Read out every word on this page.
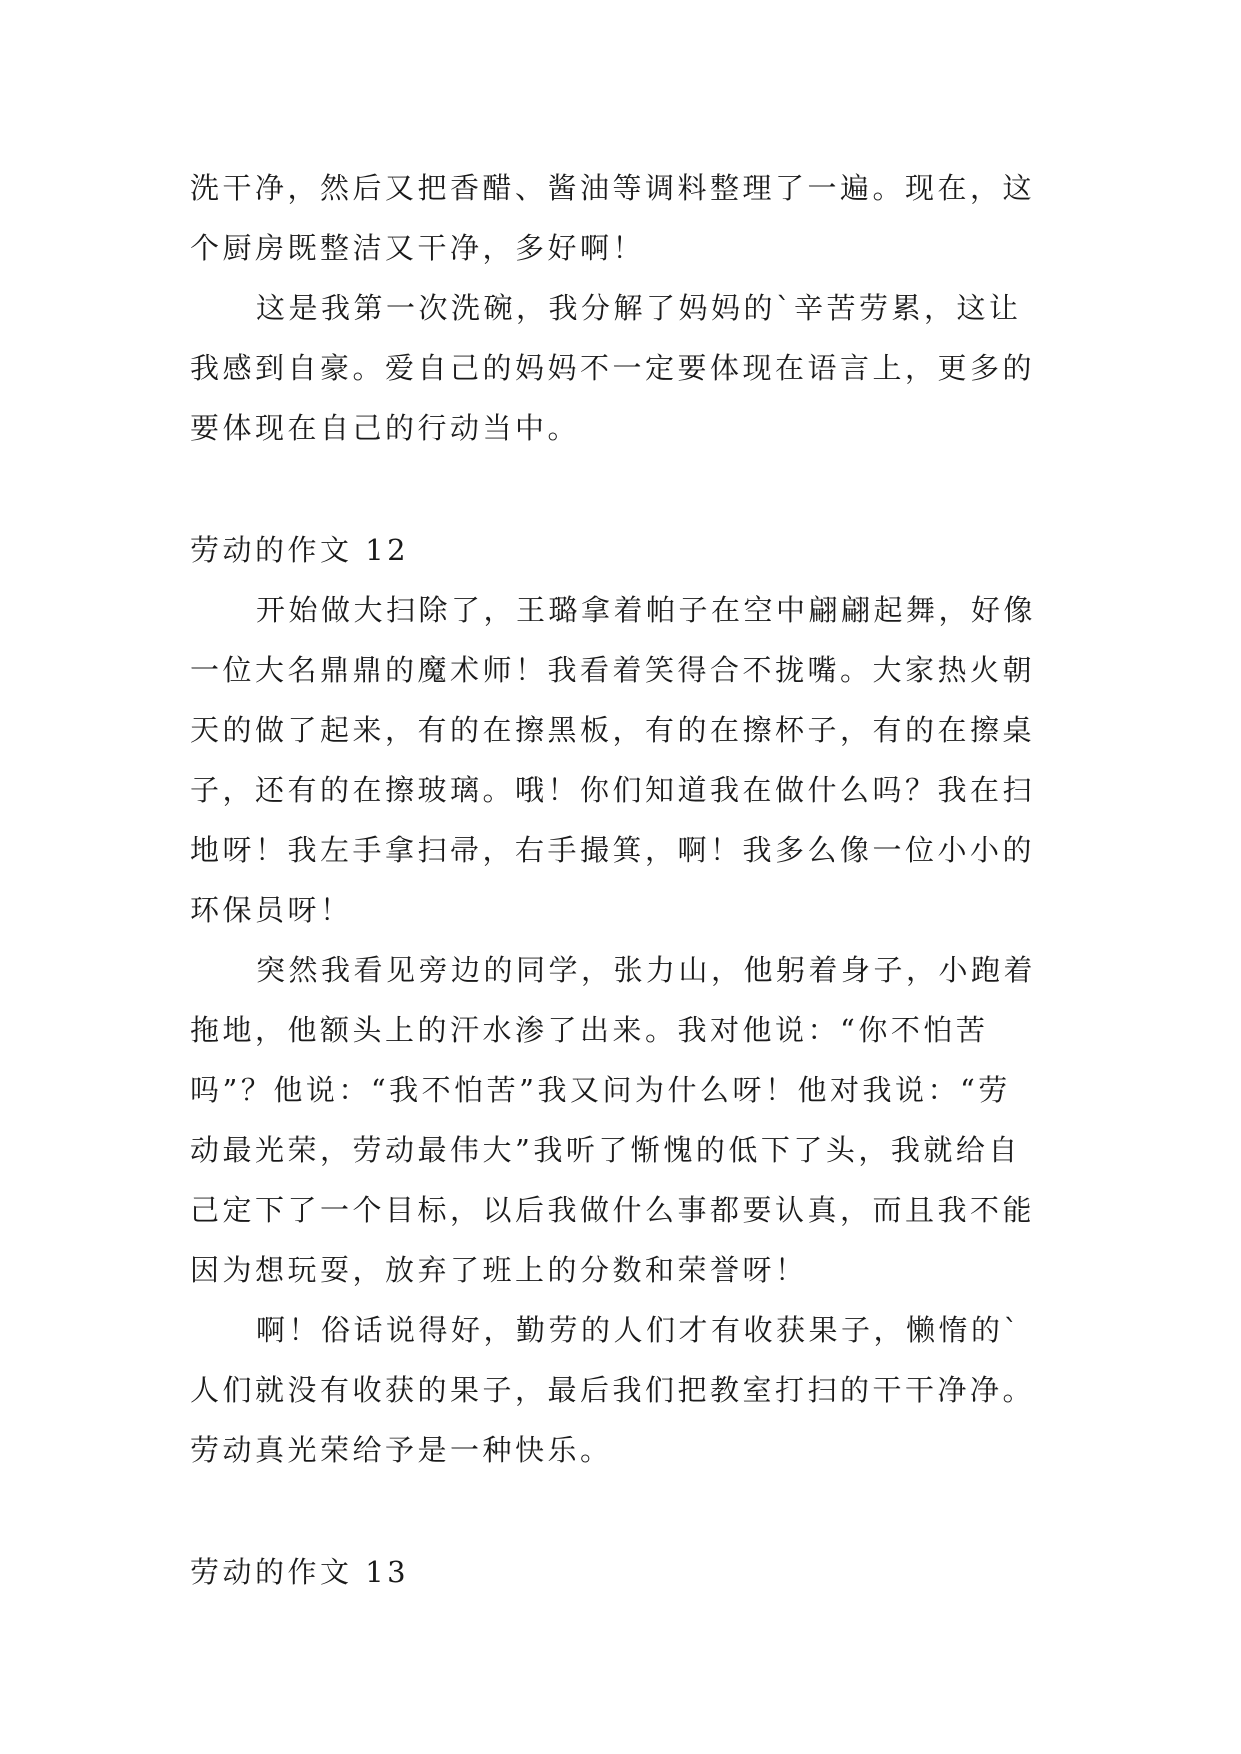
洗干净，然后又把香醋、酱油等调料整理了一遍。现在，这
个厨房既整洁又干净，多好啊！
这是我第一次洗碗，我分解了妈妈的`辛苦劳累，这让
我感到自豪。爱自己的妈妈不一定要体现在语言上，更多的
要体现在自己的行动当中。
劳动的作文 12
开始做大扫除了，王璐拿着帕子在空中翩翩起舞，好像
一位大名鼎鼎的魔术师！我看着笑得合不拢嘴。大家热火朝
天的做了起来，有的在擦黑板，有的在擦杯子，有的在擦桌
子，还有的在擦玻璃。哦！你们知道我在做什么吗？我在扫
地呀！我左手拿扫帚，右手撮箕，啊！我多么像一位小小的
环保员呀！
突然我看见旁边的同学，张力山，他躬着身子，小跑着
拖地，他额头上的汗水渗了出来。我对他说：“你不怕苦
吗”？他说：“我不怕苦”我又问为什么呀！他对我说：“劳
动最光荣，劳动最伟大”我听了惭愧的低下了头，我就给自
己定下了一个目标，以后我做什么事都要认真，而且我不能
因为想玩耍，放弃了班上的分数和荣誉呀！
啊！俗话说得好，勤劳的人们才有收获果子，懒惰的`
人们就没有收获的果子，最后我们把教室打扫的干干净净。
劳动真光荣给予是一种快乐。
劳动的作文 13
